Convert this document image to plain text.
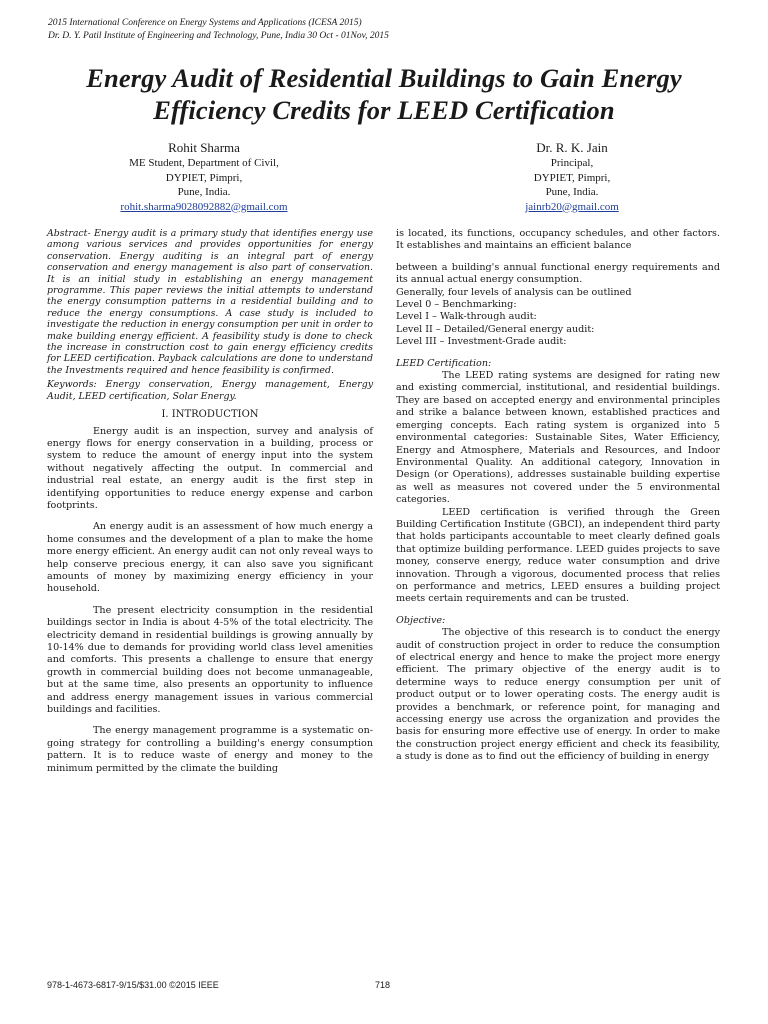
2015 International Conference on Energy Systems and Applications (ICESA 2015)
Dr. D. Y. Patil Institute of Engineering and Technology, Pune, India 30 Oct - 01Nov, 2015
Energy Audit of Residential Buildings to Gain Energy Efficiency Credits for LEED Certification
Rohit Sharma
ME Student, Department of Civil,
DYPIET, Pimpri,
Pune, India.
rohit.sharma9028092882@gmail.com
Dr. R. K. Jain
Principal,
DYPIET, Pimpri,
Pune, India.
jainrb20@gmail.com

Abstract- Energy audit is a primary study that identifies energy use among various services and provides opportunities for energy conservation. Energy auditing is an integral part of energy conservation and energy management is also part of conservation. It is an initial study in establishing an energy management programme. This paper reviews the initial attempts to understand the energy consumption patterns in a residential building and to reduce the energy consumptions. A case study is included to investigate the reduction in energy consumption per unit in order to make building energy efficient. A feasibility study is done to check the increase in construction cost to gain energy efficiency credits for LEED certification. Payback calculations are done to understand the Investments required and hence feasibility is confirmed.

Keywords: Energy conservation, Energy management, Energy Audit, LEED certification, Solar Energy.

I. INTRODUCTION

Energy audit is an inspection, survey and analysis of energy flows for energy conservation in a building, process or system to reduce the amount of energy input into the system without negatively affecting the output. In commercial and industrial real estate, an energy audit is the first step in identifying opportunities to reduce energy expense and carbon footprints.

An energy audit is an assessment of how much energy a home consumes and the development of a plan to make the home more energy efficient. An energy audit can not only reveal ways to help conserve precious energy, it can also save you significant amounts of money by maximizing energy efficiency in your household.

The present electricity consumption in the residential buildings sector in India is about 4-5% of the total electricity. The electricity demand in residential buildings is growing annually by 10-14% due to demands for providing world class level amenities and comforts. This presents a challenge to ensure that energy growth in commercial building does not become unmanageable, but at the same time, also presents an opportunity to influence and address energy management issues in various commercial buildings and facilities.

The energy management programme is a systematic on-going strategy for controlling a building's energy consumption pattern. It is to reduce waste of energy and money to the minimum permitted by the climate the building

is located, its functions, occupancy schedules, and other factors. It establishes and maintains an efficient balance

between a building's annual functional energy requirements and its annual actual energy consumption.

Generally, four levels of analysis can be outlined

Level 0 – Benchmarking:

Level I – Walk-through audit:

Level II – Detailed/General energy audit:

Level III – Investment-Grade audit:

LEED Certification:

The LEED rating systems are designed for rating new and existing commercial, institutional, and residential buildings. They are based on accepted energy and environmental principles and strike a balance between known, established practices and emerging concepts. Each rating system is organized into 5 environmental categories: Sustainable Sites, Water Efficiency, Energy and Atmosphere, Materials and Resources, and Indoor Environmental Quality. An additional category, Innovation in Design (or Operations), addresses sustainable building expertise as well as measures not covered under the 5 environmental categories.

LEED certification is verified through the Green Building Certification Institute (GBCI), an independent third party that holds participants accountable to meet clearly defined goals that optimize building performance. LEED guides projects to save money, conserve energy, reduce water consumption and drive innovation. Through a vigorous, documented process that relies on performance and metrics, LEED ensures a building project meets certain requirements and can be trusted.

Objective:

The objective of this research is to conduct the energy audit of construction project in order to reduce the consumption of electrical energy and hence to make the project more energy efficient. The primary objective of the energy audit is to determine ways to reduce energy consumption per unit of product output or to lower operating costs. The energy audit is provides a benchmark, or reference point, for managing and accessing energy use across the organization and provides the basis for ensuring more effective use of energy. In order to make the construction project energy efficient and check its feasibility, a study is done as to find out the efficiency of building in energy

978-1-4673-6817-9/15/$31.00 ©2015 IEEE	718
